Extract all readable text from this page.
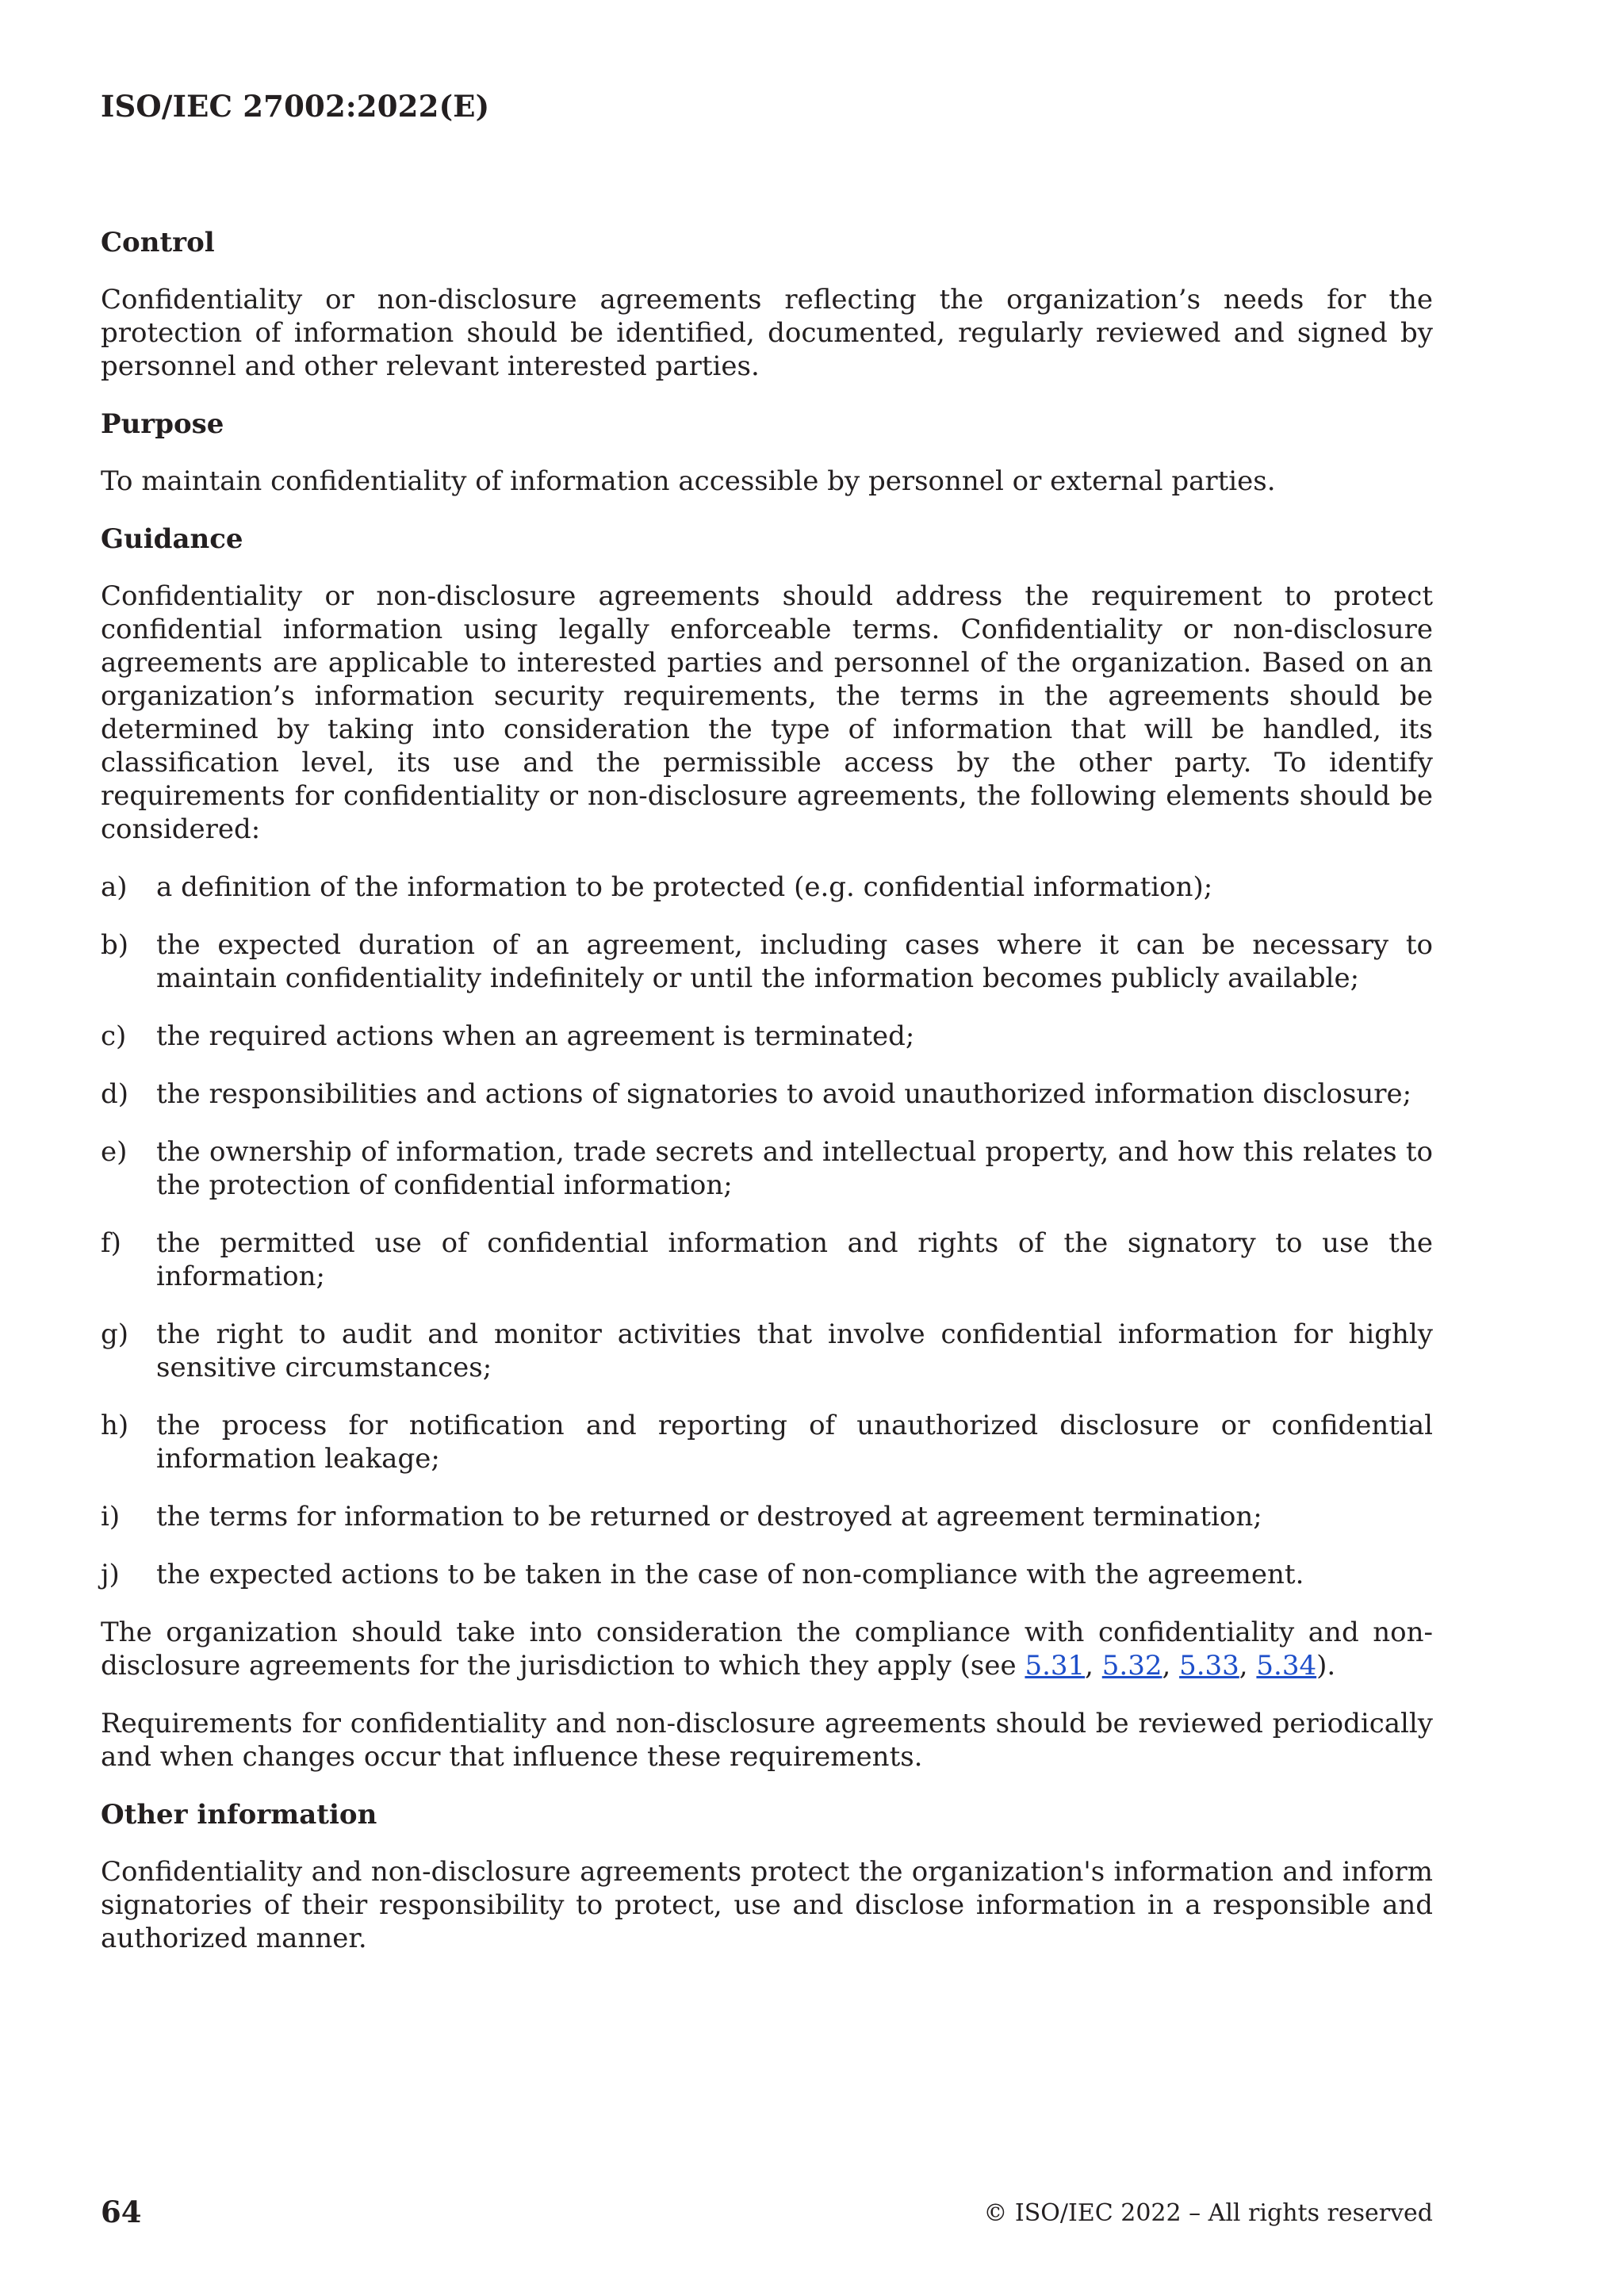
ISO/IEC 27002:2022(E)
Control

Confidentiality or non-disclosure agreements reflecting the organization’s needs for the protection of information should be identified, documented, regularly reviewed and signed by personnel and other relevant interested parties.

Purpose

To maintain confidentiality of information accessible by personnel or external parties.

Guidance

Confidentiality or non-disclosure agreements should address the requirement to protect confidential information using legally enforceable terms. Confidentiality or non-disclosure agreements are applicable to interested parties and personnel of the organization. Based on an organization’s information security requirements, the terms in the agreements should be determined by taking into consideration the type of information that will be handled, its classification level, its use and the permissible access by the other party. To identify requirements for confidentiality or non-disclosure agreements, the following elements should be considered:

a)	a definition of the information to be protected (e.g. confidential information);
b)	the expected duration of an agreement, including cases where it can be necessary to maintain confidentiality indefinitely or until the information becomes publicly available;
c)	the required actions when an agreement is terminated;
d)	the responsibilities and actions of signatories to avoid unauthorized information disclosure;
e)	the ownership of information, trade secrets and intellectual property, and how this relates to the protection of confidential information;
f)	the permitted use of confidential information and rights of the signatory to use the information;
g)	the right to audit and monitor activities that involve confidential information for highly sensitive circumstances;
h)	the process for notification and reporting of unauthorized disclosure or confidential information leakage;
i)	the terms for information to be returned or destroyed at agreement termination;
j)	the expected actions to be taken in the case of non-compliance with the agreement.

The organization should take into consideration the compliance with confidentiality and non-disclosure agreements for the jurisdiction to which they apply (see 5.31, 5.32, 5.33, 5.34).

Requirements for confidentiality and non-disclosure agreements should be reviewed periodically and when changes occur that influence these requirements.

Other information

Confidentiality and non-disclosure agreements protect the organization's information and inform signatories of their responsibility to protect, use and disclose information in a responsible and authorized manner.

64	© ISO/IEC 2022 – All rights reserved
